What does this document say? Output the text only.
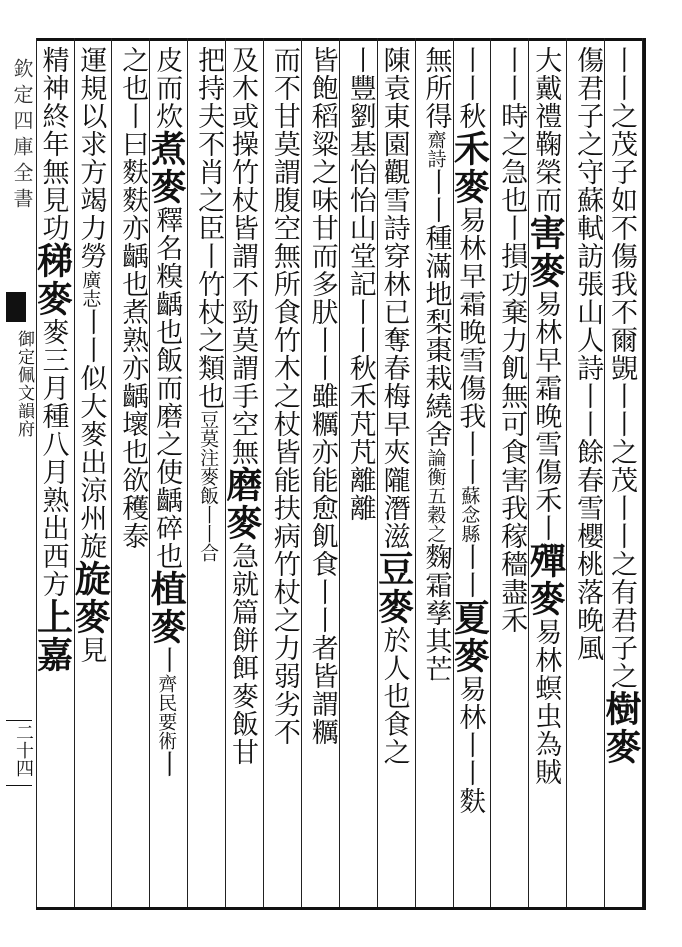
欽定四庫全書
御定佩文韻府
二十四
丨丨之茂子如不傷我不爾覬丨丨之茂丨丨之有君子之樹麥
傷君子之守蘇軾訪張山人詩丨丨餘春雪櫻桃落晚風
大戴禮鞠榮而害麥易林早霜晚雪傷禾丨殫麥易林螟虫為賊
丨丨時之急也丨損功棄力飢無可食害我稼穡盡禾
丨丨秋禾麥易林早霜晚雪傷我丨丨蘇念縣丨丨夏麥易林丨丨麩
無所得齋詩丨丨種滿地梨棗栽繞舍論衡五穀之麴霜孳其芒
陳袁東園觀雪詩穿林已奪春梅早夾隴潛滋豆麥於人也食之
丨豐劉基怡怡山堂記丨丨秋禾芃芃離離
皆飽稻粱之味甘而多肰丨丨雖糲亦能愈飢食丨丨者皆謂糲
而不甘莫謂腹空無所食竹木之杖皆能扶病竹杖之力弱劣不
及木或操竹杖皆謂不勁莫謂手空無磨麥急就篇餅餌麥飯甘
把持夫不肖之臣丨竹杖之類也豆莫注麥飯丨丨合
皮而炊煮麥釋名糗齲也飯而磨之使齲碎也植麥丨齊民要術丨
之也丨曰麩麩亦齲也煮熟亦齲壞也欲穫泰
運規以求方竭力勞廣志丨丨似大麥出涼州旋旋麥見
精神終年無見功稊麥麥三月種八月熟出西方上嘉
